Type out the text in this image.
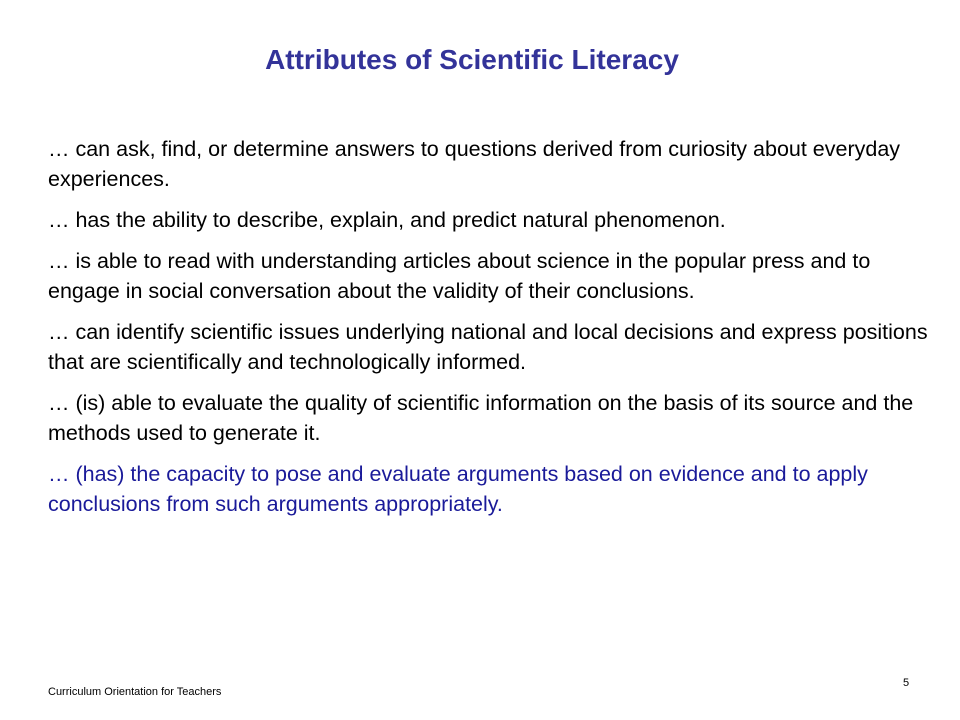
Attributes of Scientific Literacy
… can ask, find, or determine answers to questions derived from curiosity about everyday experiences.
… has the ability to describe, explain, and predict natural phenomenon.
… is able to read with understanding articles about science in the popular press and to engage in social conversation about the validity of their conclusions.
… can identify scientific issues underlying national and local decisions and express positions that are scientifically and technologically informed.
… (is) able to evaluate the quality of scientific information on the basis of its source and the methods used to generate it.
… (has) the capacity to pose and evaluate arguments based on evidence and to apply conclusions from such arguments appropriately.
Curriculum Orientation for Teachers
5
